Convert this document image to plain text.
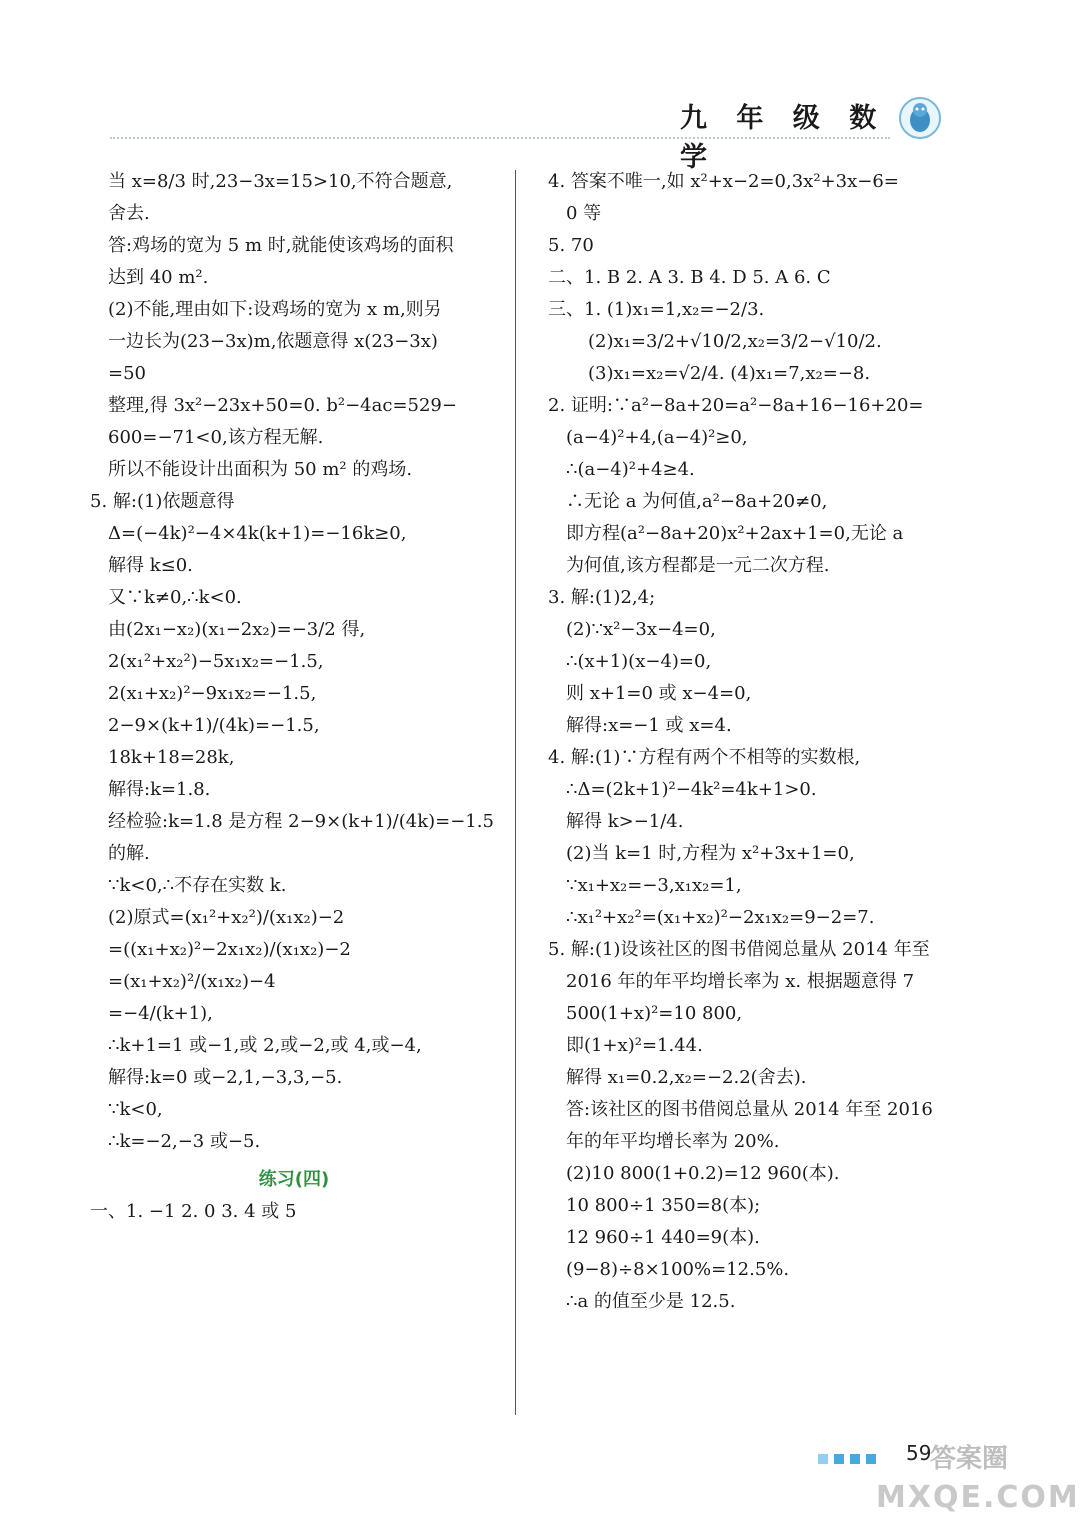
九 年 级 数学
当 x=8/3 时,23−3x=15>10,不符合题意,
舍去.
答:鸡场的宽为 5 m 时,就能使该鸡场的面积
达到 40 m².
(2)不能,理由如下:设鸡场的宽为 x m,则另
一边长为(23−3x)m,依题意得 x(23−3x)
=50
整理,得 3x²−23x+50=0. b²−4ac=529−
600=−71<0,该方程无解.
所以不能设计出面积为 50 m² 的鸡场.
5. 解:(1)依题意得
Δ=(−4k)²−4×4k(k+1)=−16k≥0,
解得 k≤0.
又∵k≠0,∴k<0.
由(2x₁−x₂)(x₁−2x₂)=−3/2 得,
2(x₁²+x₂²)−5x₁x₂=−1.5,
2(x₁+x₂)²−9x₁x₂=−1.5,
2−9×(k+1)/(4k)=−1.5,
18k+18=28k,
解得:k=1.8.
经检验:k=1.8 是方程 2−9×(k+1)/(4k)=−1.5
的解.
∵k<0,∴不存在实数 k.
(2)原式=(x₁²+x₂²)/(x₁x₂)−2
=((x₁+x₂)²−2x₁x₂)/(x₁x₂)−2
=(x₁+x₂)²/(x₁x₂)−4
=−4/(k+1),
∴k+1=1 或−1,或 2,或−2,或 4,或−4,
解得:k=0 或−2,1,−3,3,−5.
∵k<0,
∴k=−2,−3 或−5.
练习(四)
一、1. −1 2. 0 3. 4 或 5
4. 答案不唯一,如 x²+x−2=0,3x²+3x−6=
0 等
5. 70
二、1. B 2. A 3. B 4. D 5. A 6. C
三、1. (1)x₁=1,x₂=−2/3.
(2)x₁=3/2+√10/2,x₂=3/2−√10/2.
(3)x₁=x₂=√2/4. (4)x₁=7,x₂=−8.
2. 证明:∵a²−8a+20=a²−8a+16−16+20=
(a−4)²+4,(a−4)²≥0,
∴(a−4)²+4≥4.
∴无论 a 为何值,a²−8a+20≠0,
即方程(a²−8a+20)x²+2ax+1=0,无论 a
为何值,该方程都是一元二次方程.
3. 解:(1)2,4;
(2)∵x²−3x−4=0,
∴(x+1)(x−4)=0,
则 x+1=0 或 x−4=0,
解得:x=−1 或 x=4.
4. 解:(1)∵方程有两个不相等的实数根,
∴Δ=(2k+1)²−4k²=4k+1>0.
解得 k>−1/4.
(2)当 k=1 时,方程为 x²+3x+1=0,
∵x₁+x₂=−3,x₁x₂=1,
∴x₁²+x₂²=(x₁+x₂)²−2x₁x₂=9−2=7.
5. 解:(1)设该社区的图书借阅总量从 2014 年至
2016 年的年平均增长率为 x. 根据题意得 7
500(1+x)²=10 800,
即(1+x)²=1.44.
解得 x₁=0.2,x₂=−2.2(舍去).
答:该社区的图书借阅总量从 2014 年至 2016
年的年平均增长率为 20%.
(2)10 800(1+0.2)=12 960(本).
10 800÷1 350=8(本);
12 960÷1 440=9(本).
(9−8)÷8×100%=12.5%.
∴a 的值至少是 12.5.
59
答案圈
MXQE.COM
